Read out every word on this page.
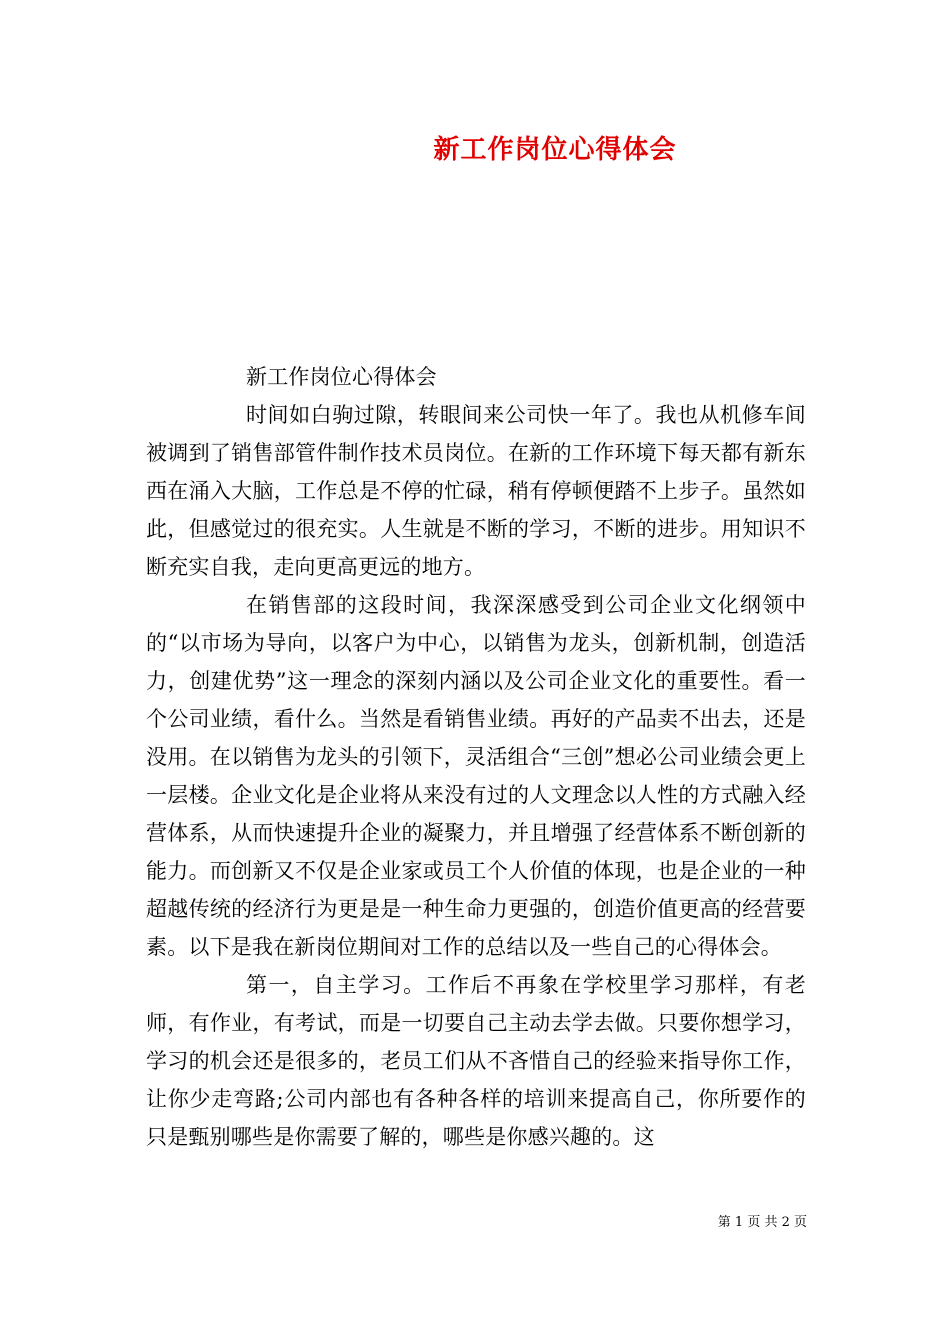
新工作岗位心得体会

新工作岗位心得体会

时间如白驹过隙，转眼间来公司快一年了。我也从机修车间被调到了销售部管件制作技术员岗位。在新的工作环境下每天都有新东西在涌入大脑，工作总是不停的忙碌，稍有停顿便踏不上步子。虽然如此，但感觉过的很充实。人生就是不断的学习，不断的进步。用知识不断充实自我，走向更高更远的地方。

在销售部的这段时间，我深深感受到公司企业文化纲领中的“以市场为导向，以客户为中心，以销售为龙头，创新机制，创造活力，创建优势”这一理念的深刻内涵以及公司企业文化的重要性。看一个公司业绩，看什么。当然是看销售业绩。再好的产品卖不出去，还是没用。在以销售为龙头的引领下，灵活组合“三创”想必公司业绩会更上一层楼。企业文化是企业将从来没有过的人文理念以人性的方式融入经营体系，从而快速提升企业的凝聚力，并且增强了经营体系不断创新的能力。而创新又不仅是企业家或员工个人价值的体现，也是企业的一种超越传统的经济行为更是是一种生命力更强的，创造价值更高的经营要素。以下是我在新岗位期间对工作的总结以及一些自己的心得体会。

第一，自主学习。工作后不再象在学校里学习那样，有老师，有作业，有考试，而是一切要自己主动去学去做。只要你想学习，学习的机会还是很多的，老员工们从不吝惜自己的经验来指导你工作，让你少走弯路;公司内部也有各种各样的培训来提高自己，你所要作的只是甄别哪些是你需要了解的，哪些是你感兴趣的。这

第 1 页 共 2 页
